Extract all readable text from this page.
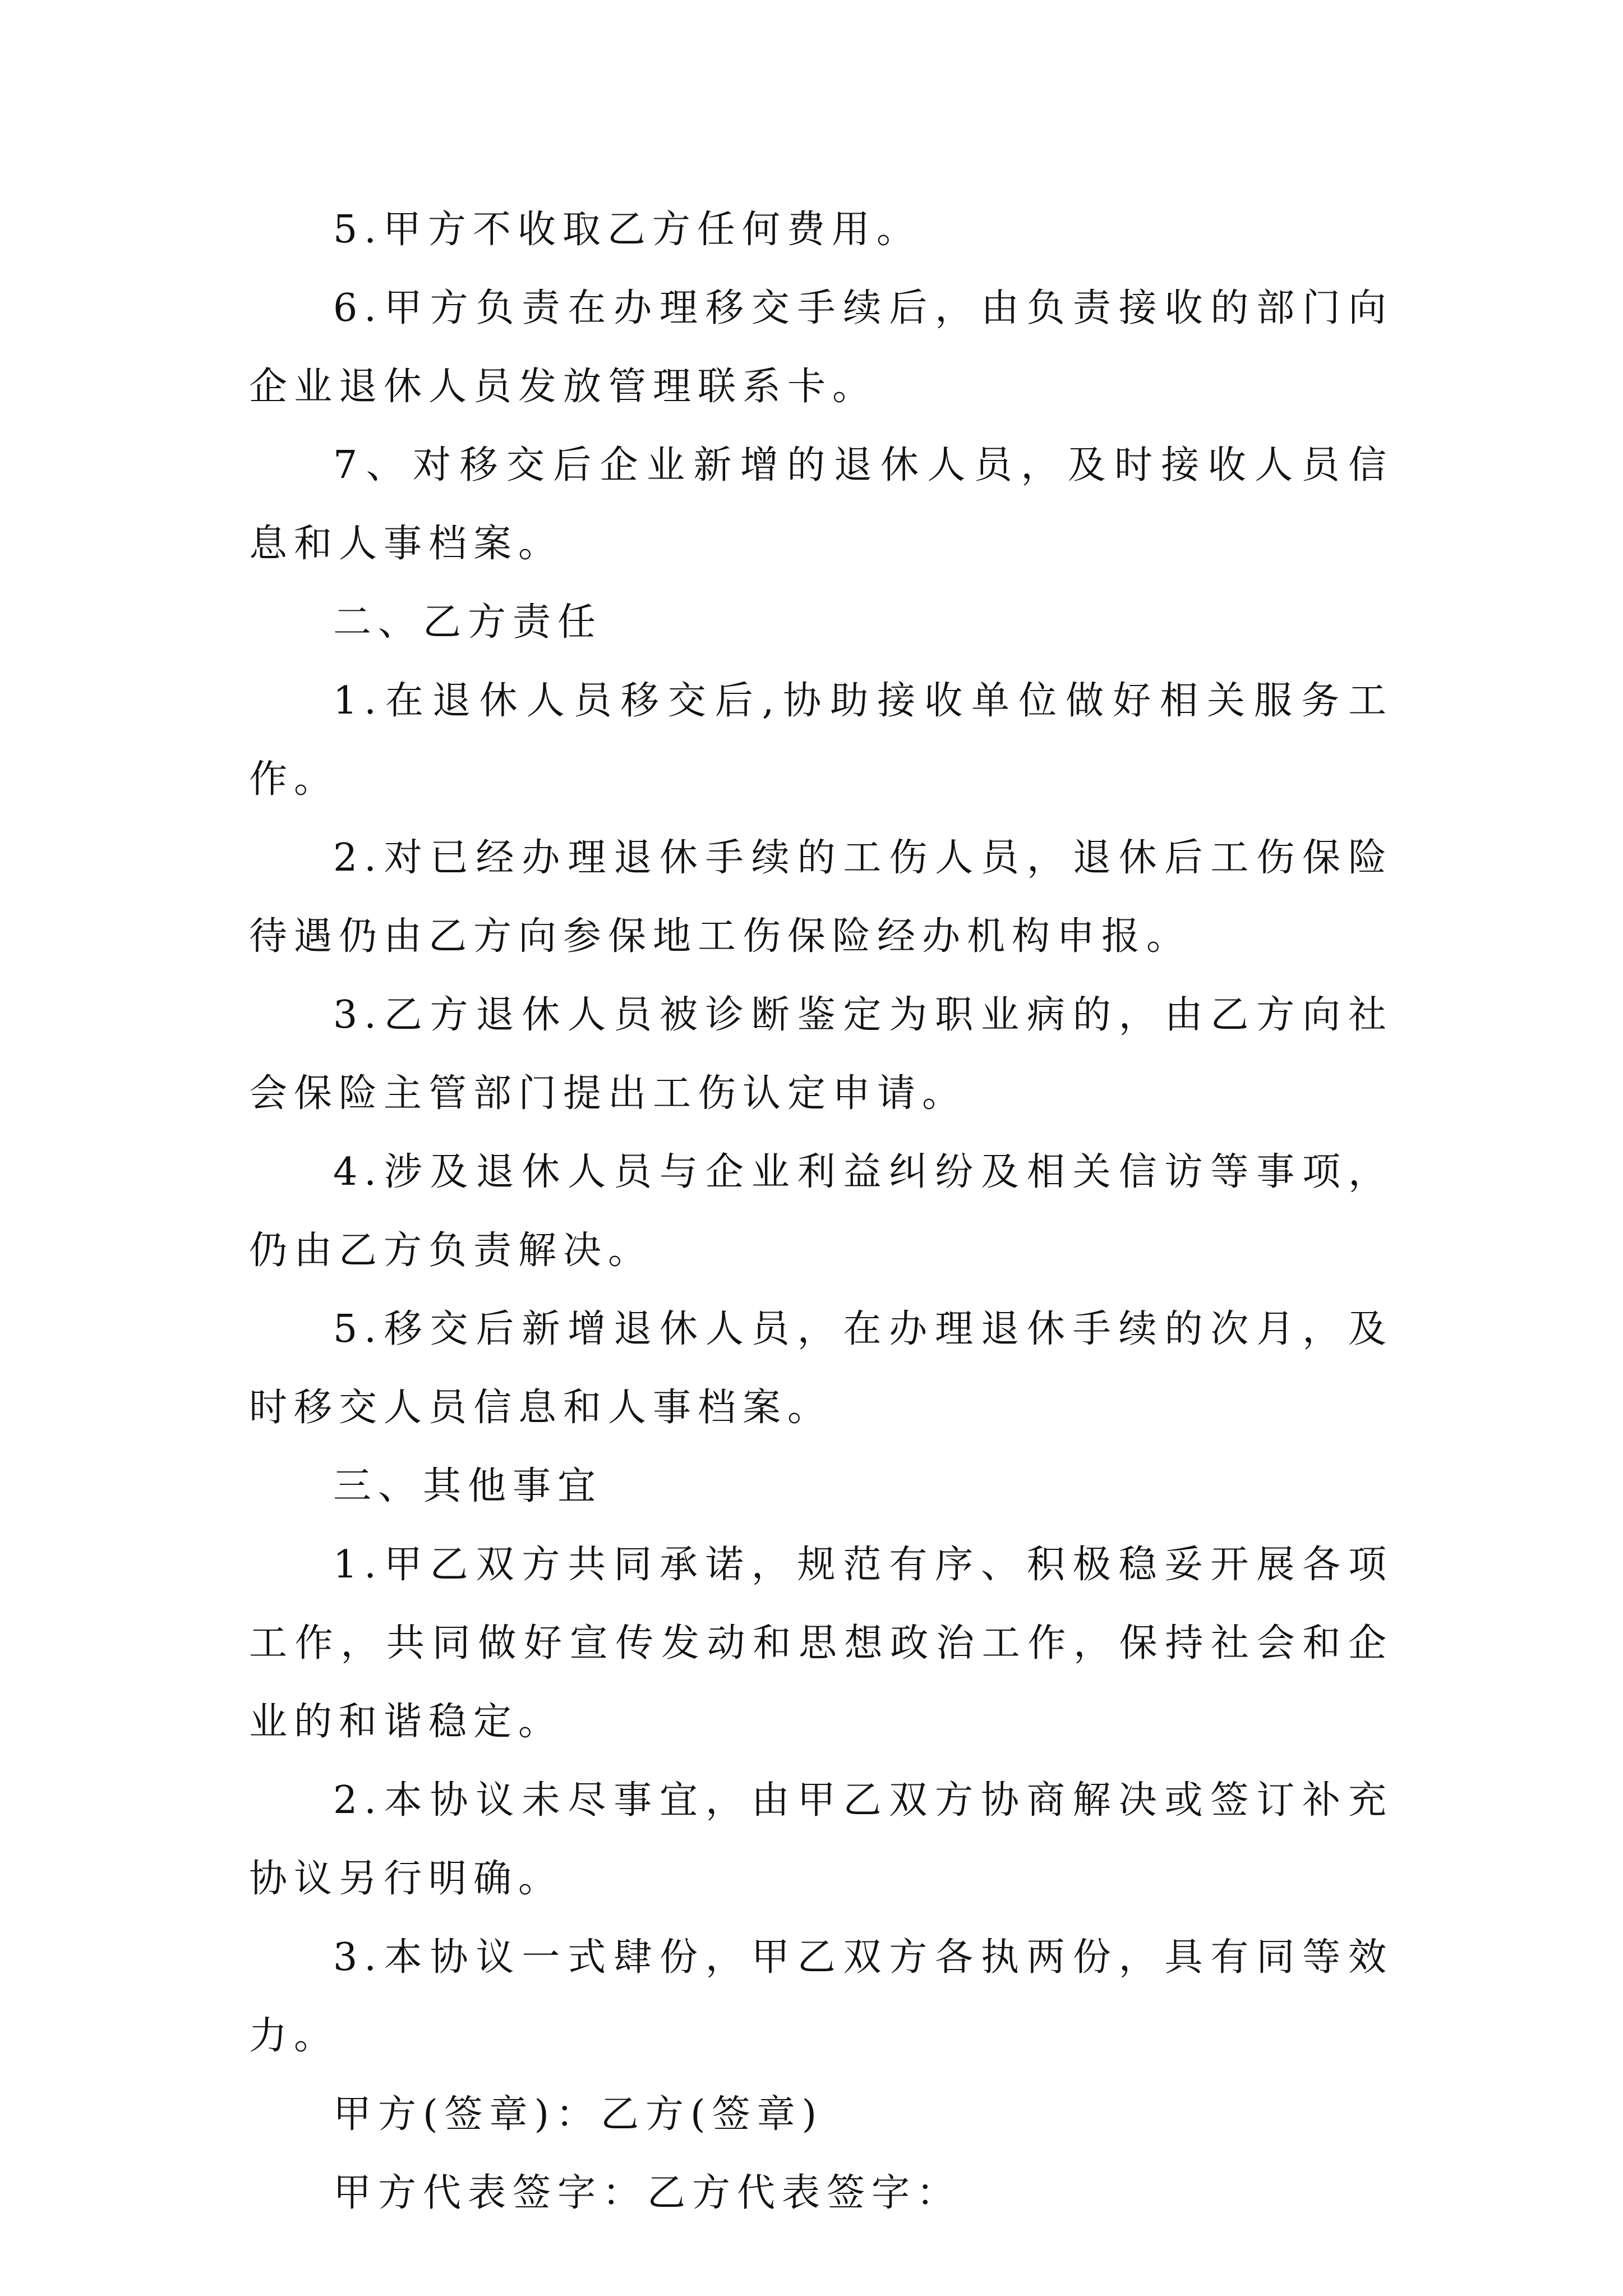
5.甲方不收取乙方任何费用。

6.甲方负责在办理移交手续后，由负责接收的部门向企业退休人员发放管理联系卡。

7、对移交后企业新增的退休人员，及时接收人员信息和人事档案。

二、乙方责任

1.在退休人员移交后,协助接收单位做好相关服务工作。

2.对已经办理退休手续的工伤人员，退休后工伤保险待遇仍由乙方向参保地工伤保险经办机构申报。

3.乙方退休人员被诊断鉴定为职业病的，由乙方向社会保险主管部门提出工伤认定申请。

4.涉及退休人员与企业利益纠纷及相关信访等事项，仍由乙方负责解决。

5.移交后新增退休人员，在办理退休手续的次月，及时移交人员信息和人事档案。

三、其他事宜

1.甲乙双方共同承诺，规范有序、积极稳妥开展各项工作，共同做好宣传发动和思想政治工作，保持社会和企业的和谐稳定。

2.本协议未尽事宜，由甲乙双方协商解决或签订补充协议另行明确。

3.本协议一式肆份，甲乙双方各执两份，具有同等效力。

甲方(签章)：乙方(签章)

甲方代表签字：乙方代表签字：
